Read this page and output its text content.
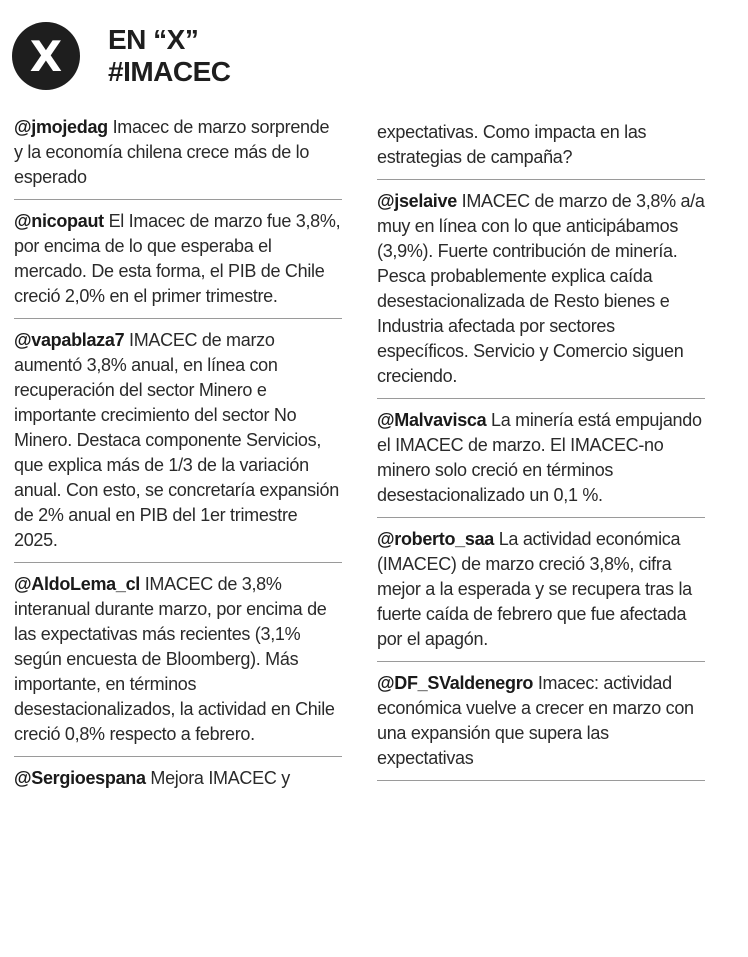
X EN “X”
#IMACEC
@jmojedag Imacec de marzo sorprende y la economía chilena crece más de lo esperado
@nicopaut El Imacec de marzo fue 3,8%, por encima de lo que esperaba el mercado. De esta forma, el PIB de Chile creció 2,0% en el primer trimestre.
@vapablaza7 IMACEC de marzo aumentó 3,8% anual, en línea con recuperación del sector Minero e importante crecimiento del sector No Minero. Destaca componente Servicios, que explica más de 1/3 de la variación anual. Con esto, se concretaría expansión de 2% anual en PIB del 1er trimestre 2025.
@AldoLema_cl IMACEC de 3,8% interanual durante marzo, por encima de las expectativas más recientes (3,1% según encuesta de Bloomberg). Más importante, en términos desestacionalizados, la actividad en Chile creció 0,8% respecto a febrero.
@Sergioespana Mejora IMACEC y
expectativas. Como impacta en las estrategias de campaña?
@jselaive IMACEC de marzo de 3,8% a/a muy en línea con lo que anticipábamos (3,9%). Fuerte contribución de minería. Pesca probablemente explica caída desestacionalizada de Resto bienes e Industria afectada por sectores específicos. Servicio y Comercio siguen creciendo.
@Malvavisca La minería está empujando el IMACEC de marzo. El IMACEC-no minero solo creció en términos desestacionalizado un 0,1 %.
@roberto_saa La actividad económica (IMACEC) de marzo creció 3,8%, cifra mejor a la esperada y se recupera tras la fuerte caída de febrero que fue afectada por el apagón.
@DF_SValdenegro Imacec: actividad económica vuelve a crecer en marzo con una expansión que supera las expectativas
